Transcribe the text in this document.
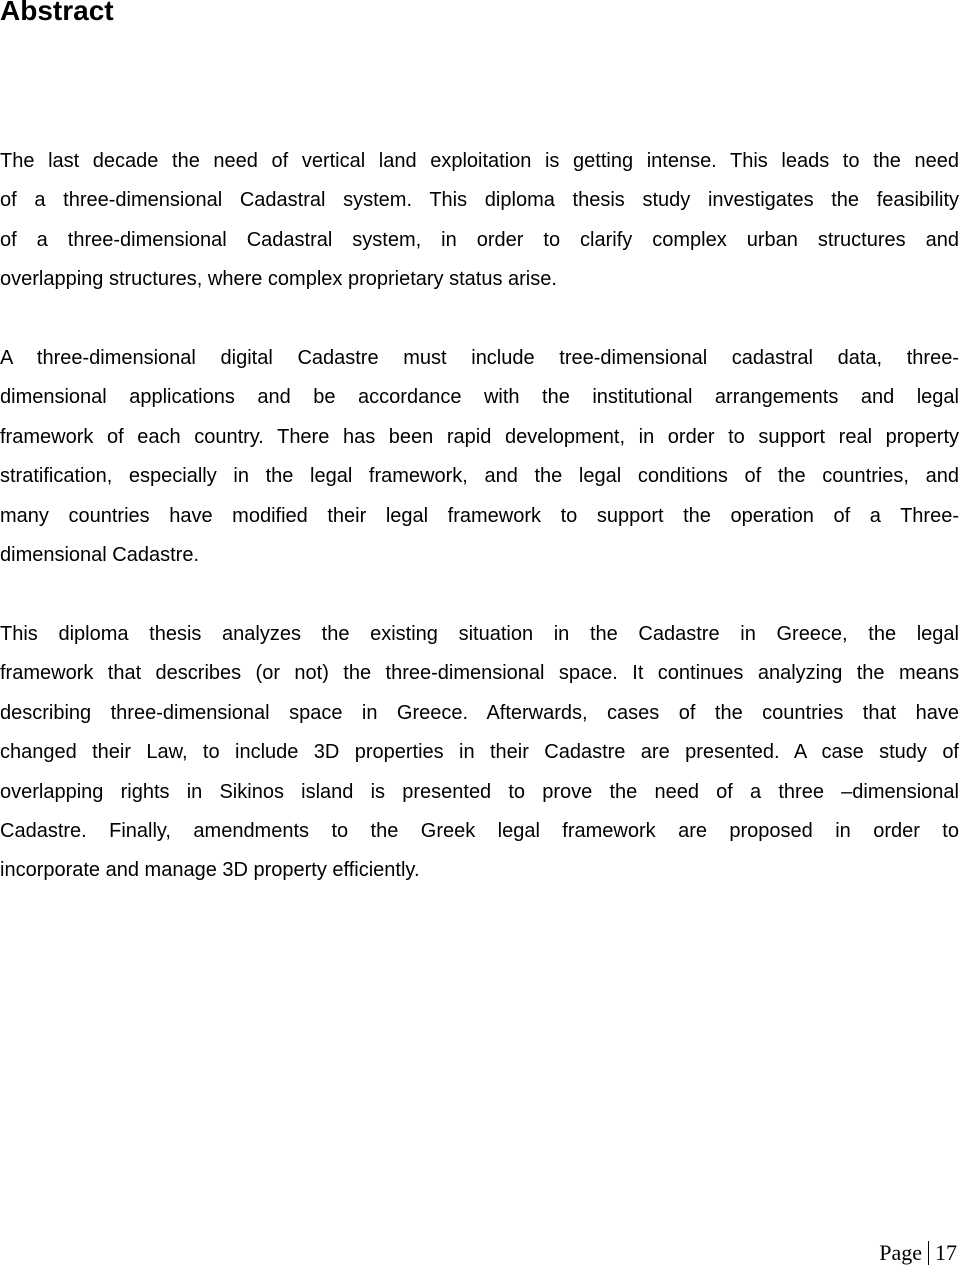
Abstract
The last decade the need of vertical land exploitation is getting intense. This leads to the need
of a three-dimensional Cadastral system. This diploma thesis study investigates the feasibility
of a three-dimensional Cadastral system, in order to clarify complex urban structures and
overlapping structures, where complex proprietary status arise.
A three-dimensional digital Cadastre must include tree-dimensional cadastral data, three-
dimensional applications and be accordance with the institutional arrangements and legal
framework of each country. There has been rapid development, in order to support real property
stratification, especially in the legal framework, and the legal conditions of the countries, and
many countries have modified their legal framework to support the operation of a Three-
dimensional Cadastre.
This diploma thesis analyzes the existing situation in the Cadastre in Greece, the legal
framework that describes (or not) the three-dimensional space. It continues analyzing the means
describing three-dimensional space in Greece. Afterwards, cases of the countries that have
changed their Law, to include 3D properties in their Cadastre are presented. A case study of
overlapping rights in Sikinos island is presented to prove the need of a three –dimensional
Cadastre. Finally, amendments to the Greek legal framework are proposed in order to
incorporate and manage 3D property efficiently.
Page 17
